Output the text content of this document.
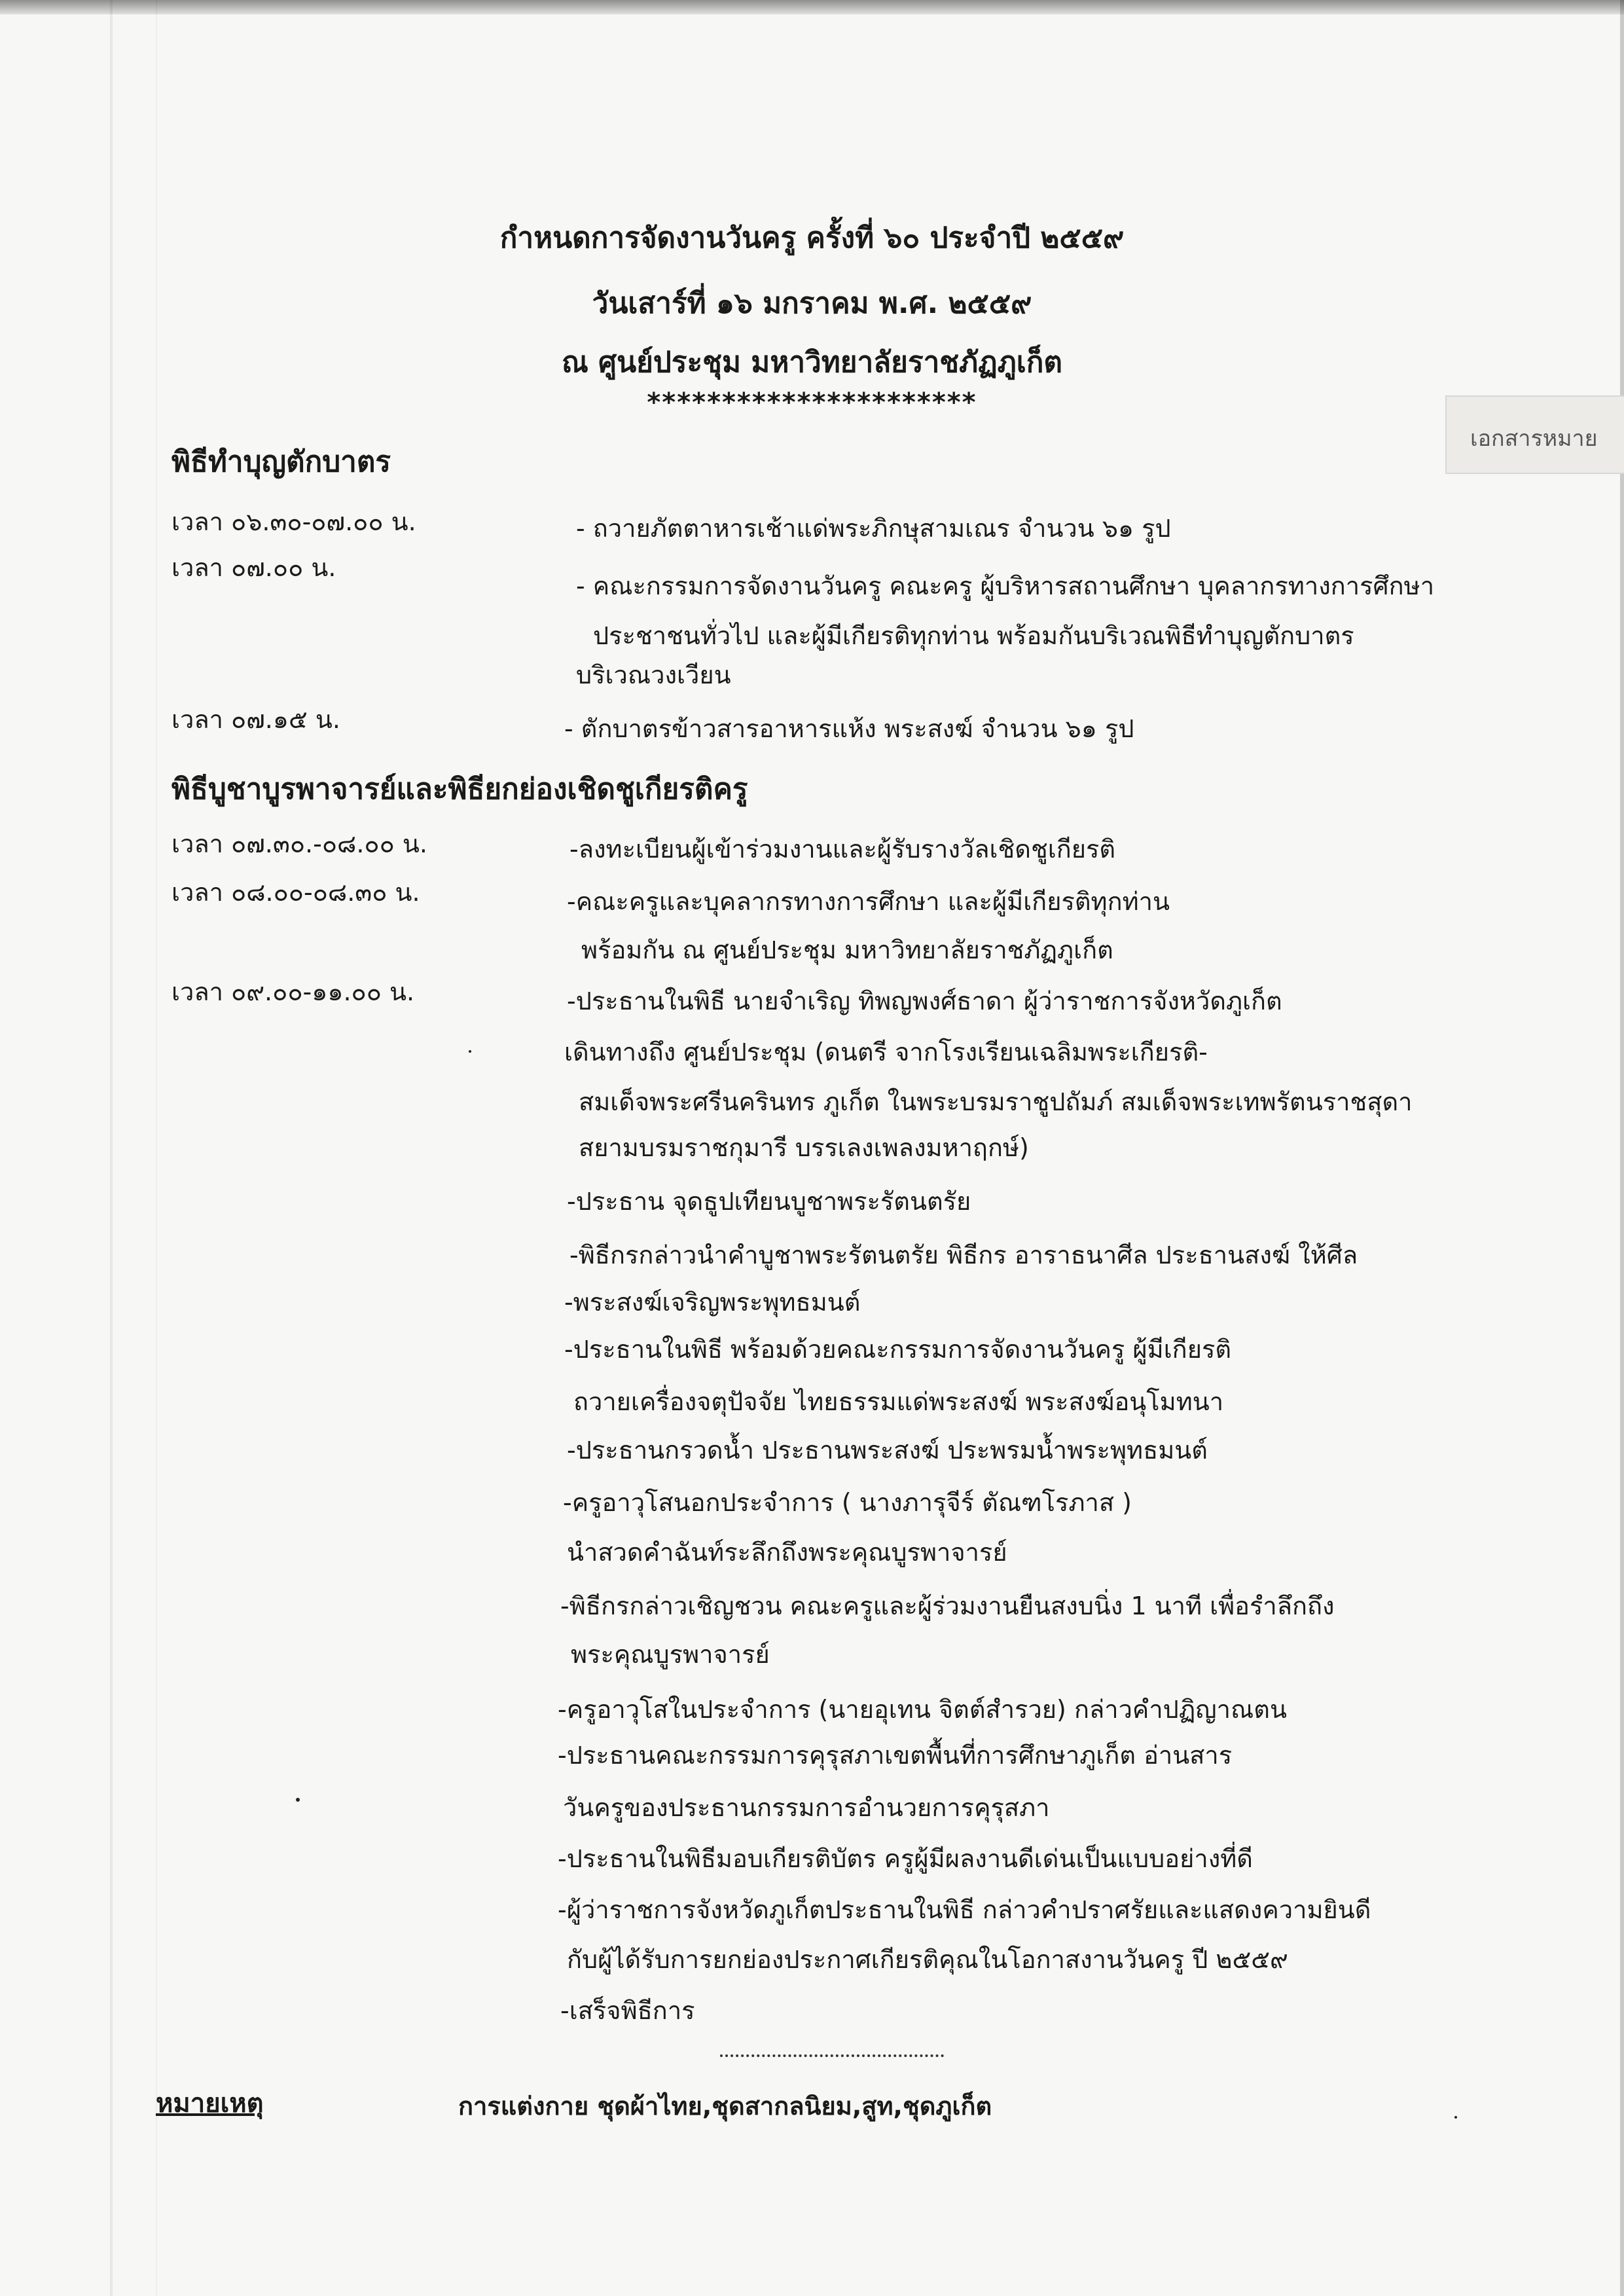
กำหนดการจัดงานวันครู ครั้งที่ ๖๐ ประจำปี ๒๕๕๙
วันเสาร์ที่ ๑๖ มกราคม พ.ศ. ๒๕๕๙
ณ ศูนย์ประชุม มหาวิทยาลัยราชภัฏภูเก็ต
**********************
เอกสารหมาย
พิธีทำบุญตักบาตร
เวลา ๐๖.๓๐-๐๗.๐๐ น.
เวลา ๐๗.๐๐ น.
เวลา ๐๗.๑๕ น.
- ถวายภัตตาหารเช้าแด่พระภิกษุสามเณร จำนวน ๖๑ รูป
- คณะกรรมการจัดงานวันครู คณะครู ผู้บริหารสถานศึกษา บุคลากรทางการศึกษา
ประชาชนทั่วไป และผู้มีเกียรติทุกท่าน พร้อมกันบริเวณพิธีทำบุญตักบาตร
บริเวณวงเวียน
- ตักบาตรข้าวสารอาหารแห้ง พระสงฆ์ จำนวน ๖๑ รูป
พิธีบูชาบูรพาจารย์และพิธียกย่องเชิดชูเกียรติครู
เวลา ๐๗.๓๐.-๐๘.๐๐ น.
เวลา ๐๘.๐๐-๐๘.๓๐ น.
เวลา ๐๙.๐๐-๑๑.๐๐ น.
-ลงทะเบียนผู้เข้าร่วมงานและผู้รับรางวัลเชิดชูเกียรติ
-คณะครูและบุคลากรทางการศึกษา และผู้มีเกียรติทุกท่าน
พร้อมกัน ณ ศูนย์ประชุม มหาวิทยาลัยราชภัฏภูเก็ต
-ประธานในพิธี นายจำเริญ ทิพญพงศ์ธาดา ผู้ว่าราชการจังหวัดภูเก็ต
เดินทางถึง ศูนย์ประชุม (ดนตรี จากโรงเรียนเฉลิมพระเกียรติ-
สมเด็จพระศรีนครินทร ภูเก็ต ในพระบรมราชูปถัมภ์ สมเด็จพระเทพรัตนราชสุดา
สยามบรมราชกุมารี บรรเลงเพลงมหาฤกษ์)
-ประธาน จุดธูปเทียนบูชาพระรัตนตรัย
-พิธีกรกล่าวนำคำบูชาพระรัตนตรัย พิธีกร อาราธนาศีล ประธานสงฆ์ ให้ศีล
-พระสงฆ์เจริญพระพุทธมนต์
-ประธานในพิธี พร้อมด้วยคณะกรรมการจัดงานวันครู ผู้มีเกียรติ
ถวายเครื่องจตุปัจจัย ไทยธรรมแด่พระสงฆ์ พระสงฆ์อนุโมทนา
-ประธานกรวดน้ำ ประธานพระสงฆ์ ประพรมน้ำพระพุทธมนต์
-ครูอาวุโสนอกประจำการ ( นางภารุจีร์ ตัณฑโรภาส )
นำสวดคำฉันท์ระลึกถึงพระคุณบูรพาจารย์
-พิธีกรกล่าวเชิญชวน คณะครูและผู้ร่วมงานยืนสงบนิ่ง 1 นาที เพื่อรำลึกถึง
พระคุณบูรพาจารย์
-ครูอาวุโสในประจำการ (นายอุเทน จิตต์สำรวย) กล่าวคำปฏิญาณตน
-ประธานคณะกรรมการคุรุสภาเขตพื้นที่การศึกษาภูเก็ต อ่านสาร
วันครูของประธานกรรมการอำนวยการคุรุสภา
-ประธานในพิธีมอบเกียรติบัตร ครูผู้มีผลงานดีเด่นเป็นแบบอย่างที่ดี
-ผู้ว่าราชการจังหวัดภูเก็ตประธานในพิธี กล่าวคำปราศรัยและแสดงความยินดี
กับผู้ได้รับการยกย่องประกาศเกียรติคุณในโอกาสงานวันครู ปี ๒๕๕๙
-เสร็จพิธีการ
หมายเหตุ	การแต่งกาย ชุดผ้าไทย,ชุดสากลนิยม,สูท,ชุดภูเก็ต
